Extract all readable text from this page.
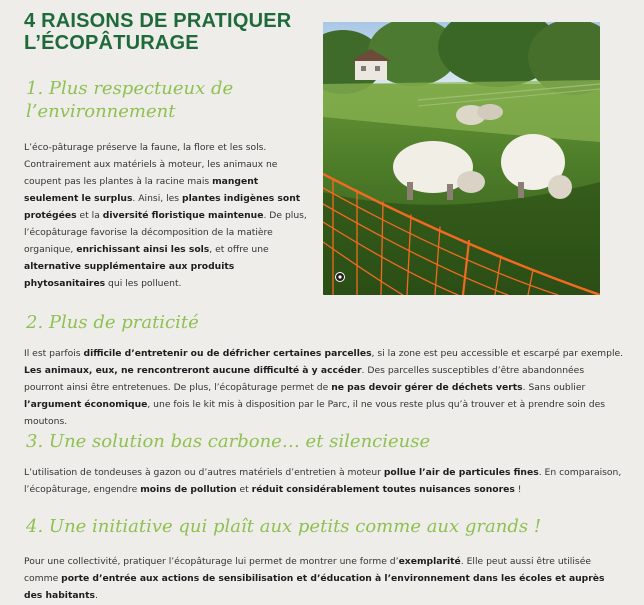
4 RAISONS DE PRATIQUER L’ÉCOPÂTURAGE
1. Plus respectueux de l’environnement

L’éco-pâturage préserve la faune, la flore et les sols. Contrairement aux matériels à moteur, les animaux ne coupent pas les plantes à la racine mais mangent seulement le surplus. Ainsi, les plantes indigènes sont protégées et la diversité floristique maintenue. De plus, l’écopâturage favorise la décomposition de la matière organique, enrichissant ainsi les sols, et offre une alternative supplémentaire aux produits phytosanitaires qui les polluent.

2. Plus de praticité

Il est parfois difficile d’entretenir ou de défricher certaines parcelles, si la zone est peu accessible et escarpé par exemple. Les animaux, eux, ne rencontreront aucune difficulté à y accéder. Des parcelles susceptibles d’être abandonnées pourront ainsi être entretenues. De plus, l’écopâturage permet de ne pas devoir gérer de déchets verts. Sans oublier l’argument économique, une fois le kit mis à disposition par le Parc, il ne vous reste plus qu’à trouver et à prendre soin des moutons.

3. Une solution bas carbone… et silencieuse

L’utilisation de tondeuses à gazon ou d’autres matériels d’entretien à moteur pollue l’air de particules fines. En comparaison, l’écopâturage, engendre moins de pollution et réduit considérablement toutes nuisances sonores !

4. Une initiative qui plaît aux petits comme aux grands !

Pour une collectivité, pratiquer l’écopâturage lui permet de montrer une forme d’exemplarité. Elle peut aussi être utilisée comme porte d’entrée aux actions de sensibilisation et d’éducation à l’environnement dans les écoles et auprès des habitants.
